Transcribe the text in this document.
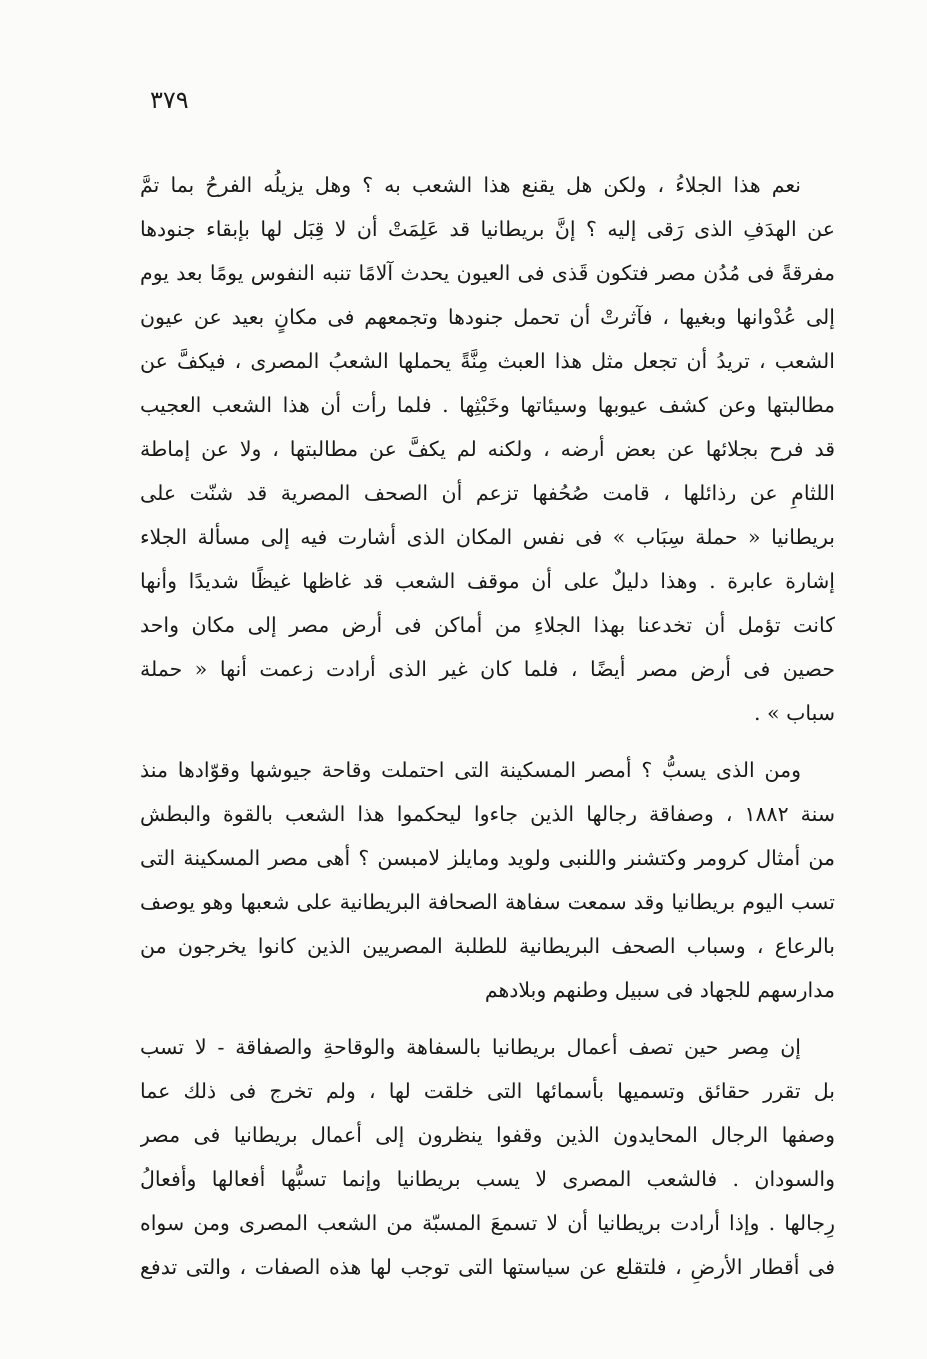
٣٧٩
نعم هذا الجلاءُ ، ولكن هل يقنع هذا الشعب به ؟ وهل يزيلُه الفرحُ بما تمَّ
عن الهدَفِ الذى رَقى إليه ؟ إنَّ بريطانيا قد عَلِمَتْ أن لا قِبَل لها بإبقاء جنودها
مفرقةً فى مُدُن مصر فتكون قَذى فى العيون يحدث آلامًا تنبه النفوس يومًا بعد يوم
إلى عُدْوانها وبغيها ، فآثرتْ أن تحمل جنودها وتجمعهم فى مكانٍ بعيد عن عيون
الشعب ، تريدُ أن تجعل مثل هذا العبث مِنَّةً يحملها الشعبُ المصرى ، فيكفَّ عن
مطالبتها وعن كشف عيوبها وسيئاتها وخَبْثِها . فلما رأت أن هذا الشعب العجيب
قد فرح بجلائها عن بعض أرضه ، ولكنه لم يكفَّ عن مطالبتها ، ولا عن إماطة
اللثامِ عن رذائلها ، قامت صُحُفها تزعم أن الصحف المصرية قد شنّت على
بريطانيا « حملة سِبَاب » فى نفس المكان الذى أشارت فيه إلى مسألة الجلاء
إشارة عابرة . وهذا دليلٌ على أن موقف الشعب قد غاظها غيظًا شديدًا وأنها
كانت تؤمل أن تخدعنا بهذا الجلاءِ من أماكن فى أرض مصر إلى مكان واحد
حصين فى أرض مصر أيضًا ، فلما كان غير الذى أرادت زعمت أنها « حملة
سباب » .
ومن الذى يسبُّ ؟ أمصر المسكينة التى احتملت وقاحة جيوشها وقوّادها منذ
سنة ١٨٨٢ ، وصفاقة رجالها الذين جاءوا ليحكموا هذا الشعب بالقوة والبطش
من أمثال كرومر وكتشنر واللنبى ولويد ومايلز لامبسن ؟ أهى مصر المسكينة التى
تسب اليوم بريطانيا وقد سمعت سفاهة الصحافة البريطانية على شعبها وهو يوصف
بالرعاع ، وسباب الصحف البريطانية للطلبة المصريين الذين كانوا يخرجون من
مدارسهم للجهاد فى سبيل وطنهم وبلادهم
إن مِصر حين تصف أعمال بريطانيا بالسفاهة والوقاحةِ والصفاقة - لا تسب
بل تقرر حقائق وتسميها بأسمائها التى خلقت لها ، ولم تخرج فى ذلك عما
وصفها الرجال المحايدون الذين وقفوا ينظرون إلى أعمال بريطانيا فى مصر
والسودان . فالشعب المصرى لا يسب بريطانيا وإنما تسبُّها أفعالها وأفعالُ
رِجالها . وإذا أرادت بريطانيا أن لا تسمعَ المسبّة من الشعب المصرى ومن سواه
فى أقطار الأرضِ ، فلتقلع عن سياستها التى توجب لها هذه الصفات ، والتى تدفع
